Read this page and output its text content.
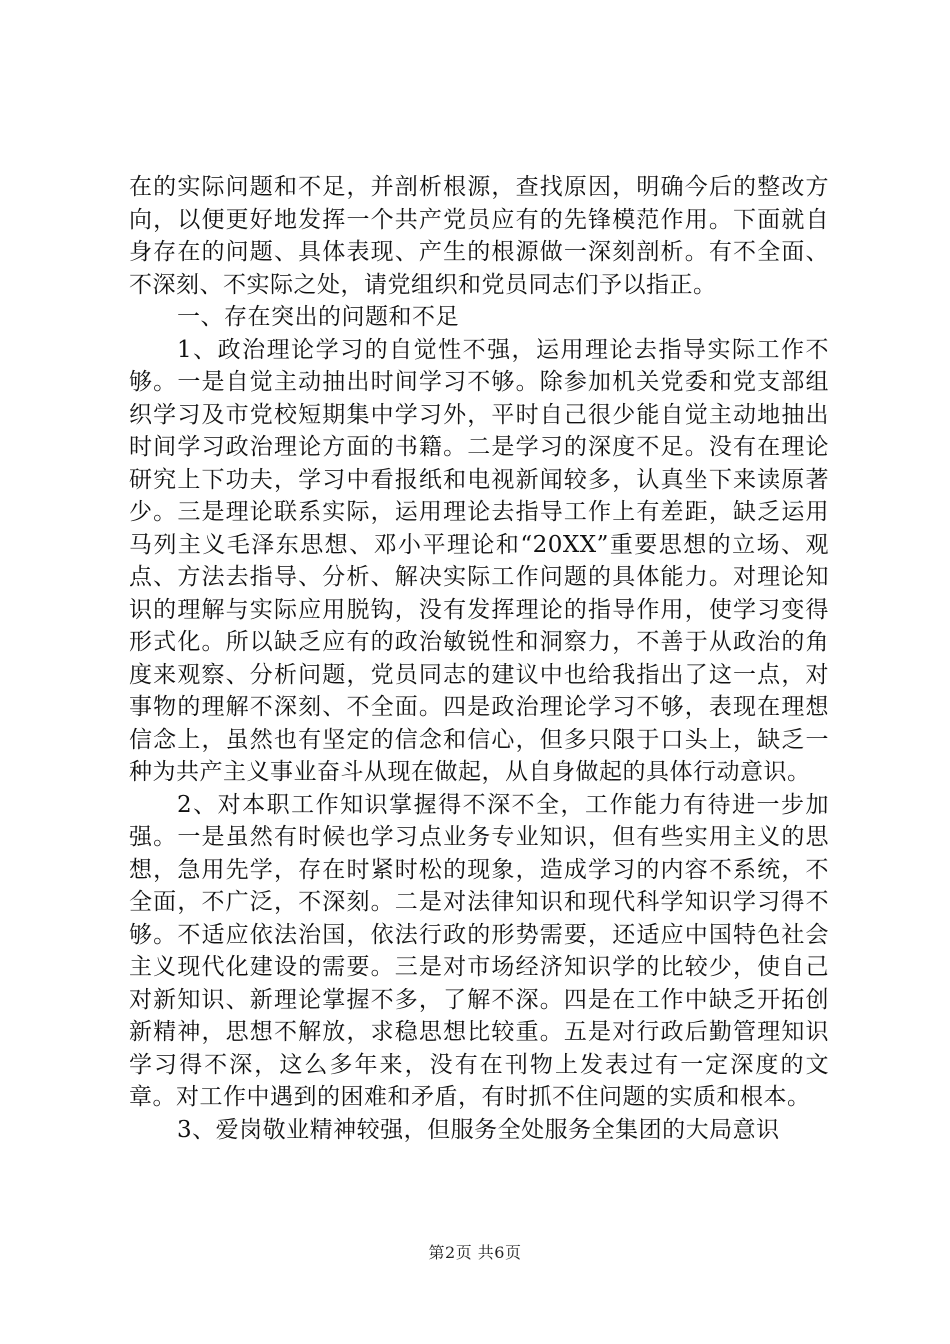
在的实际问题和不足，并剖析根源，查找原因，明确今后的整改方向，以便更好地发挥一个共产党员应有的先锋模范作用。下面就自身存在的问题、具体表现、产生的根源做一深刻剖析。有不全面、不深刻、不实际之处，请党组织和党员同志们予以指正。

一、存在突出的问题和不足

1、政治理论学习的自觉性不强，运用理论去指导实际工作不够。一是自觉主动抽出时间学习不够。除参加机关党委和党支部组织学习及市党校短期集中学习外，平时自己很少能自觉主动地抽出时间学习政治理论方面的书籍。二是学习的深度不足。没有在理论研究上下功夫，学习中看报纸和电视新闻较多，认真坐下来读原著少。三是理论联系实际，运用理论去指导工作上有差距，缺乏运用马列主义毛泽东思想、邓小平理论和“20XX”重要思想的立场、观点、方法去指导、分析、解决实际工作问题的具体能力。对理论知识的理解与实际应用脱钩，没有发挥理论的指导作用，使学习变得形式化。所以缺乏应有的政治敏锐性和洞察力，不善于从政治的角度来观察、分析问题，党员同志的建议中也给我指出了这一点，对事物的理解不深刻、不全面。四是政治理论学习不够，表现在理想信念上，虽然也有坚定的信念和信心，但多只限于口头上，缺乏一种为共产主义事业奋斗从现在做起，从自身做起的具体行动意识。

2、对本职工作知识掌握得不深不全，工作能力有待进一步加强。一是虽然有时候也学习点业务专业知识，但有些实用主义的思想，急用先学，存在时紧时松的现象，造成学习的内容不系统，不全面，不广泛，不深刻。二是对法律知识和现代科学知识学习得不够。不适应依法治国，依法行政的形势需要，还适应中国特色社会主义现代化建设的需要。三是对市场经济知识学的比较少，使自己对新知识、新理论掌握不多，了解不深。四是在工作中缺乏开拓创新精神，思想不解放，求稳思想比较重。五是对行政后勤管理知识学习得不深，这么多年来，没有在刊物上发表过有一定深度的文章。对工作中遇到的困难和矛盾，有时抓不住问题的实质和根本。

3、爱岗敬业精神较强，但服务全处服务全集团的大局意识

第2页 共6页
